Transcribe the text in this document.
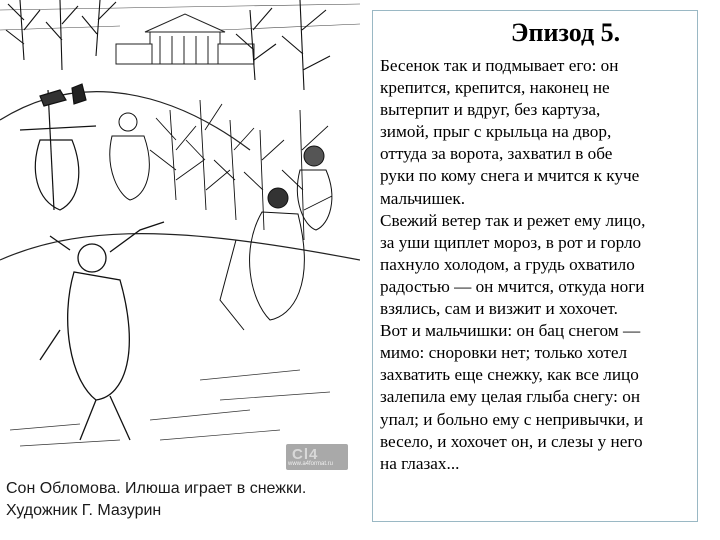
Cl4
www.a4format.ru
Сон Обломова. Илюша играет в снежки.
Художник Г. Мазурин
Эпизод 5.
Бесенок так и подмывает его: он
крепится, крепится, наконец не
вытерпит и вдруг, без картуза,
зимой, прыг с крыльца на двор,
оттуда за ворота, захватил в обе
руки по кому снега и мчится к куче
мальчишек.
Свежий ветер так и режет ему лицо,
за уши щиплет мороз, в рот и горло
пахнуло холодом, а грудь охватило
радостью — он мчится, откуда ноги
взялись, сам и визжит и хохочет.
Вот и мальчишки: он бац снегом —
мимо: сноровки нет; только хотел
захватить еще снежку, как все лицо
залепила ему целая глыба снегу: он
упал; и больно ему с непривычки, и
весело, и хохочет он, и слезы у него
на глазах...
